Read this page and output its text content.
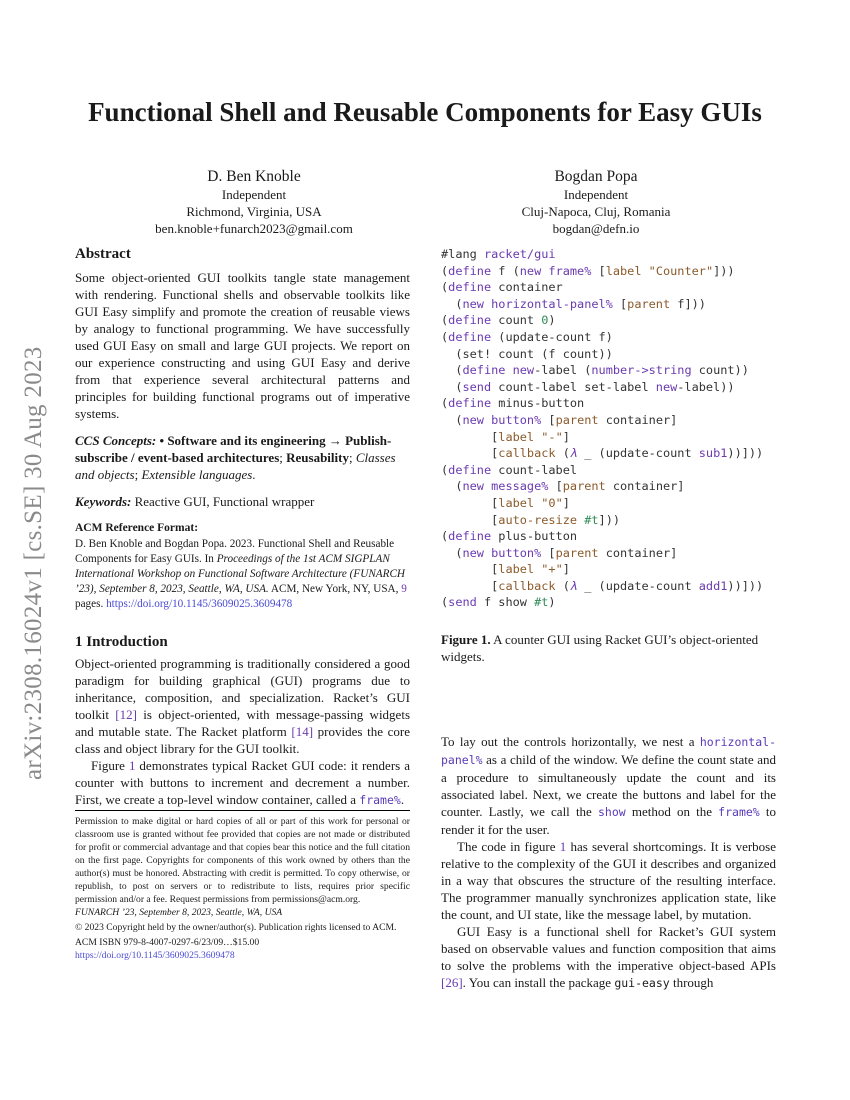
arXiv:2308.16024v1 [cs.SE] 30 Aug 2023
Functional Shell and Reusable Components for Easy GUIs
D. Ben Knoble
Independent
Richmond, Virginia, USA
ben.knoble+funarch2023@gmail.com
Bogdan Popa
Independent
Cluj-Napoca, Cluj, Romania
bogdan@defn.io
Abstract

Some object-oriented GUI toolkits tangle state management with rendering. Functional shells and observable toolkits like GUI Easy simplify and promote the creation of reusable views by analogy to functional programming. We have successfully used GUI Easy on small and large GUI projects. We report on our experience constructing and using GUI Easy and derive from that experience several architectural patterns and principles for building functional programs out of imperative systems.

CCS Concepts: • Software and its engineering → Publish-subscribe / event-based architectures; Reusability; Classes and objects; Extensible languages.

Keywords: Reactive GUI, Functional wrapper

ACM Reference Format:
D. Ben Knoble and Bogdan Popa. 2023. Functional Shell and Reusable Components for Easy GUIs. In Proceedings of the 1st ACM SIGPLAN International Workshop on Functional Software Architecture (FUNARCH ’23), September 8, 2023, Seattle, WA, USA. ACM, New York, NY, USA, 9 pages. https://doi.org/10.1145/3609025.3609478
1 Introduction

Object-oriented programming is traditionally considered a good paradigm for building graphical (GUI) programs due to inheritance, composition, and specialization. Racket’s GUI toolkit [12] is object-oriented, with message-passing widgets and mutable state. The Racket platform [14] provides the core class and object library for the GUI toolkit.

Figure 1 demonstrates typical Racket GUI code: it renders a counter with buttons to increment and decrement a number. First, we create a top-level window container, called a frame%.

Permission to make digital or hard copies of all or part of this work for personal or classroom use is granted without fee provided that copies are not made or distributed for profit or commercial advantage and that copies bear this notice and the full citation on the first page. Copyrights for components of this work owned by others than the author(s) must be honored. Abstracting with credit is permitted. To copy otherwise, or republish, to post on servers or to redistribute to lists, requires prior specific permission and/or a fee. Request permissions from permissions@acm.org.

FUNARCH ’23, September 8, 2023, Seattle, WA, USA

© 2023 Copyright held by the owner/author(s). Publication rights licensed to ACM.

ACM ISBN 979-8-4007-0297-6/23/09…$15.00

https://doi.org/10.1145/3609025.3609478

#lang racket/gui
(define f (new frame% [label "Counter"]))
(define container
(new horizontal-panel% [parent f]))
(define count 0)
(define (update-count f)
(set! count (f count))
(define new-label (number->string count))
(send count-label set-label new-label))
(define minus-button
(new button% [parent container]
[label "-"]
[callback (λ _ (update-count sub1))]))
(define count-label
(new message% [parent container]
[label "0"]
[auto-resize #t]))
(define plus-button
(new button% [parent container]
[label "+"]
[callback (λ _ (update-count add1))]))
(send f show #t)

Figure 1. A counter GUI using Racket GUI’s object-oriented widgets.

To lay out the controls horizontally, we nest a horizontal-panel% as a child of the window. We define the count state and a procedure to simultaneously update the count and its associated label. Next, we create the buttons and label for the counter. Lastly, we call the show method on the frame% to render it for the user.

The code in figure 1 has several shortcomings. It is verbose relative to the complexity of the GUI it describes and organized in a way that obscures the structure of the resulting interface. The programmer manually synchronizes application state, like the count, and UI state, like the message label, by mutation.

GUI Easy is a functional shell for Racket’s GUI system based on observable values and function composition that aims to solve the problems with the imperative object-based APIs [26]. You can install the package gui-easy through
